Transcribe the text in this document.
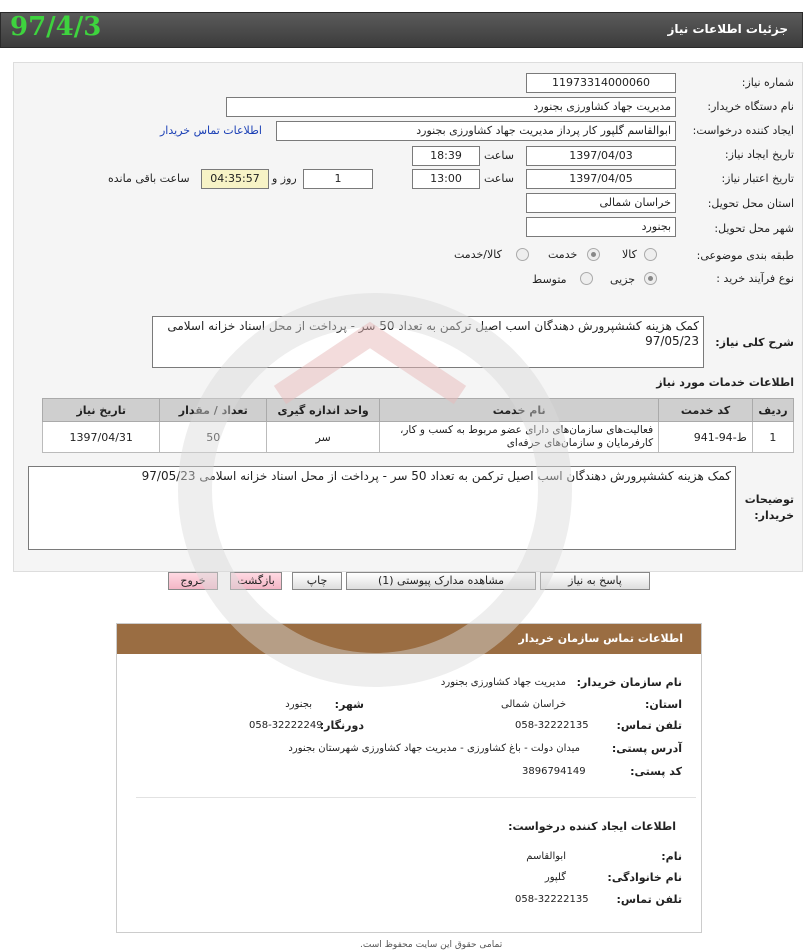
جزئیات اطلاعات نیاز
97/4/3
شماره نیاز:
11973314000060
نام دستگاه خریدار:
مدیریت جهاد کشاورزی بجنورد
ایجاد کننده درخواست:
ابوالقاسم گلپور کار پرداز مدیریت جهاد کشاورزی بجنورد
اطلاعات تماس خریدار
تاریخ ایجاد نیاز:
1397/04/03
ساعت
18:39
تاریخ اعتبار نیاز:
1397/04/05
ساعت
13:00
1
روز و
04:35:57
ساعت باقی مانده
استان محل تحویل:
خراسان شمالی
شهر محل تحویل:
بجنورد
طبقه بندی موضوعی:
کالا
خدمت
کالا/خدمت
نوع فرآیند خرید :
جزیی
متوسط
شرح کلی نیاز:
کمک هزینه کششپرورش دهندگان اسب اصیل ترکمن به تعداد 50 سر - پرداخت از محل اسناد خزانه اسلامی 97/05/23
اطلاعات خدمات مورد نیاز
ردیف	کد خدمت	نام خدمت	واحد اندازه گیری	تعداد / مقدار	تاریخ نیاز
1	ط-94-941	فعالیت‌های سازمان‌های دارای عضو مربوط به کسب و کار،
کارفرمایان و سازمان‌های حرفه‌ای	سر	50	1397/04/31
توضیحات خریدار:
کمک هزینه کششپرورش دهندگان اسب اصیل ترکمن به تعداد 50 سر - پرداخت از محل اسناد خزانه اسلامی 97/05/23
پاسخ به نیاز
مشاهده مدارک پیوستی (1)
چاپ
بازگشت
خروج
اطلاعات تماس سازمان خریدار
نام سازمان خریدار:
مدیریت جهاد کشاورزی بجنورد
استان:
خراسان شمالی
شهر:
بجنورد
تلفن تماس:
058-32222135
دورنگار:
058-32222249
آدرس پستی:
میدان دولت - باغ کشاورزی - مدیریت جهاد کشاورزی شهرستان بجنورد
کد پستی:
3896794149
اطلاعات ایجاد کننده درخواست:
نام:
ابوالقاسم
نام خانوادگی:
گلپور
تلفن تماس:
058-32222135
تمامی حقوق این سایت محفوظ است.
